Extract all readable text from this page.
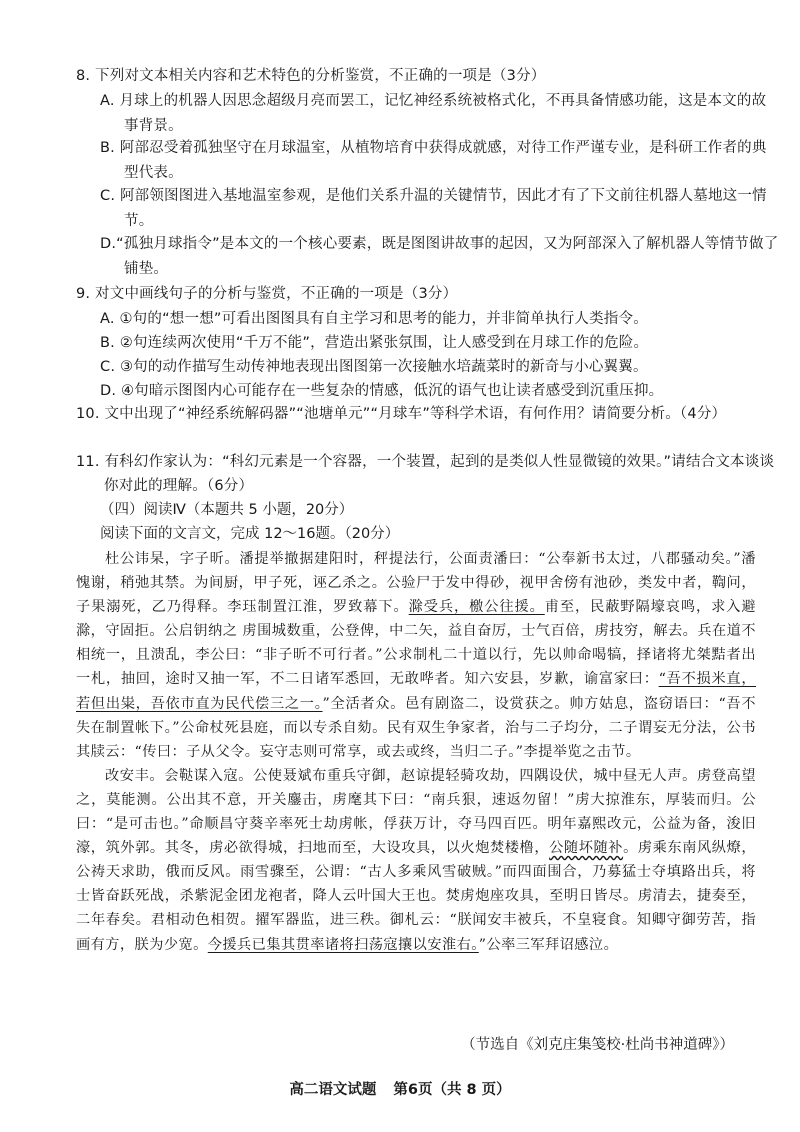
8. 下列对文本相关内容和艺术特色的分析鉴赏，不正确的一项是（3分）
A. 月球上的机器人因思念超级月亮而罢工，记忆神经系统被格式化，不再具备情感功能，这是本文的故事背景。
B. 阿部忍受着孤独坚守在月球温室，从植物培育中获得成就感，对待工作严谨专业，是科研工作者的典型代表。
C. 阿部领图图进入基地温室参观，是他们关系升温的关键情节，因此才有了下文前往机器人墓地这一情节。
D.“孤独月球指令”是本文的一个核心要素，既是图图讲故事的起因，又为阿部深入了解机器人等情节做了铺垫。
9. 对文中画线句子的分析与鉴赏，不正确的一项是（3分）
A. ①句的“想一想”可看出图图具有自主学习和思考的能力，并非简单执行人类指令。
B. ②句连续两次使用“千万不能”，营造出紧张氛围，让人感受到在月球工作的危险。
C. ③句的动作描写生动传神地表现出图图第一次接触水培蔬菜时的新奇与小心翼翼。
D. ④句暗示图图内心可能存在一些复杂的情感，低沉的语气也让读者感受到沉重压抑。
10. 文中出现了“神经系统解码器”“池塘单元”“月球车”等科学术语，有何作用？请简要分析。（4分）
11. 有科幻作家认为：“科幻元素是一个容器，一个装置，起到的是类似人性显微镜的效果。”请结合文本谈谈你对此的理解。（6分）
（四）阅读Ⅳ（本题共 5 小题，20分）
阅读下面的文言文，完成 12～16题。（20分）

杜公讳杲，字子昕。潘提举撤据建阳时，秤提法行，公面责潘曰：“公奉新书太过，八郡骚动矣。”潘愧谢，稍弛其禁。为间厨，甲子死，诬乙杀之。公验尸于发中得砂，视甲舍傍有池砂，类发中者，鞫问，子果溺死，乙乃得释。李珏制置江淮，罗致幕下。滁受兵，檄公往援。甫至，民蔽野隔壕哀鸣，求入避滁，守固拒。公启钥纳之 虏围城数重，公登俾，中二矢，益自奋厉，士气百倍，虏技穷，解去。兵在道不相统一，且溃乱，李公曰：“非子昕不可行者。”公求制札二十道以行，先以帅命喝犒，择诸将尤桀黠者出一札，抽回，途时又抽一军，不二日诸军悉回，无敢哗者。知六安县，岁歉，谕富家曰：“吾不损米直，若但出粜，吾依市直为民代偿三之一。”全活者众。邑有剧盗二，设赏获之。帅方姑息，盗窃语曰：“吾不失在制置帐下。”公命杖死县庭，而以专杀自劾。民有双生争家者，治与二子均分，二子谓妄无分法，公书其牍云：“传曰：子从父令。妄守志则可常享，或去或终，当归二子。”李提举览之击节。

改安丰。会鞑谋入寇。公使聂斌布重兵守御，赵谅提轻骑攻劫，四隅设伏，城中昼无人声。虏登高望之，莫能测。公出其不意，开关鏖击，虏麾其下曰：“南兵狠，速返勿留！”虏大掠淮东，厚装而归。公曰：“是可击也。”命顺昌守葵辛率死士劫虏帐，俘获万计，夺马四百匹。明年嘉熙改元，公益为备，浚旧濠，筑外郭。其冬，虏必欲得城，扫地而至，大设攻具，以火炮焚楼橹，公随坏随补。虏乘东南风纵燎，公祷天求助，俄而反风。雨雪骤至，公谓：“古人多乘风雪破贼。”而四面围合，乃募猛士夺填路出兵，将士皆奋跃死战，杀紫泥金团龙袍者，降人云叶国大王也。焚虏炮座攻具，至明日皆尽。虏清去，捷奏至，二年春矣。君相动色相贺。擢军器监，进三秩。御札云：“朕闻安丰被兵，不皇寝食。知卿守御劳苦，指画有方，朕为少宽。今援兵已集其贯率诸将扫荡寇攘以安淮右。”公率三军拜诏感泣。

（节选自《刘克庄集笺校·杜尚书神道碑》）
高二语文试题 第6页（共 8 页）
